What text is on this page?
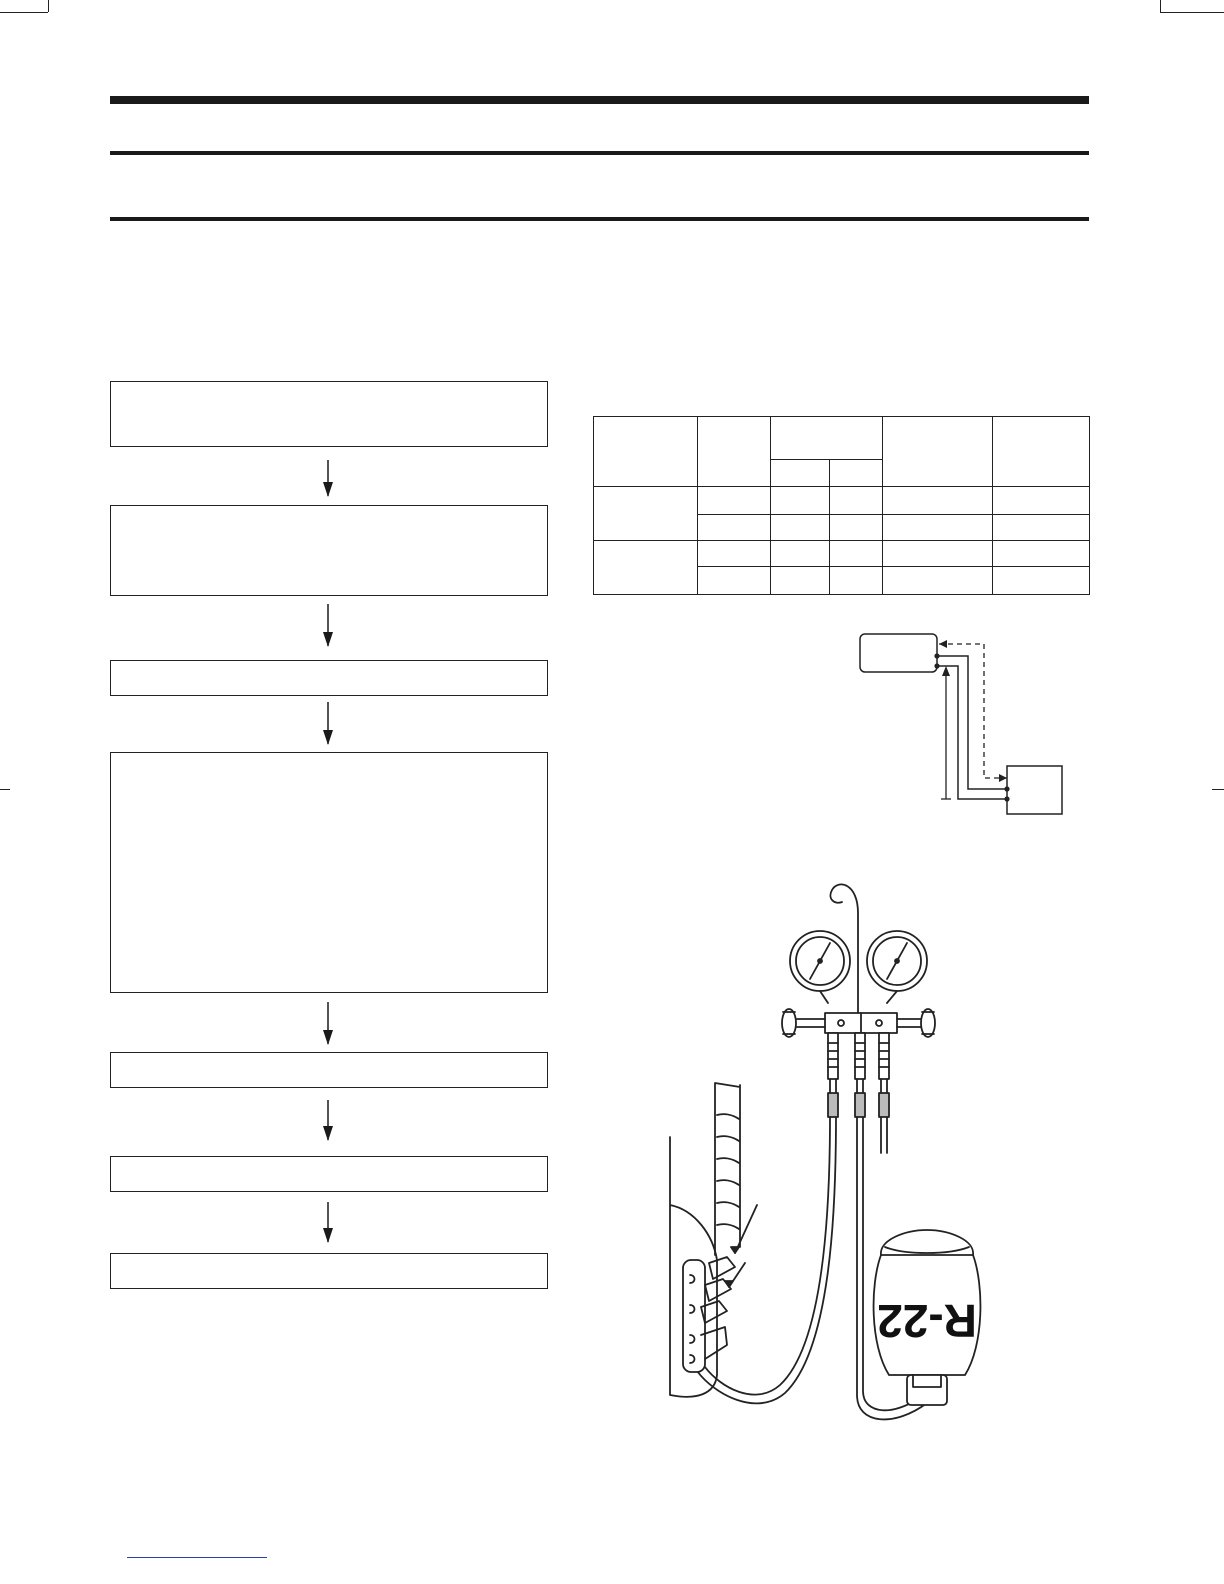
R-22
